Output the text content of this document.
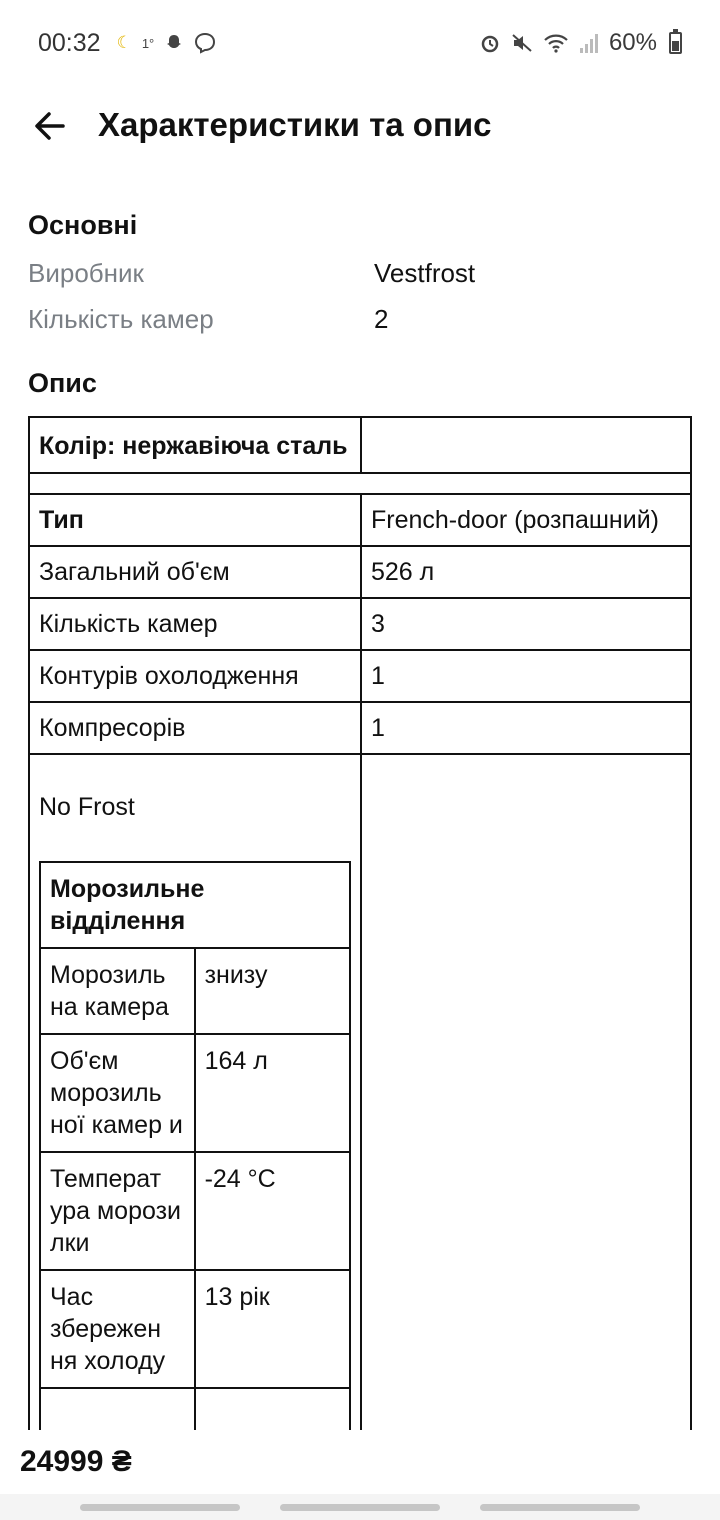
00:32 ☾ 1°	60%
Характеристики та опис
Основні
Виробник	Vestfrost
Кількість камер	2
Опис
Колір: нержавіюча сталь	

Тип	French-door (розпашний)
Загальний об'єм	526 л
Кількість камер	3
Контурів охолодження	1
Компресорів	1

No Frost
Морозильне відділення
Морозиль на камера	знизу
Об'єм морозиль ної камер и	164 л
Температ ура морози лки	-24 °C
Час збережен ня холоду	13 рік

24999 ₴
